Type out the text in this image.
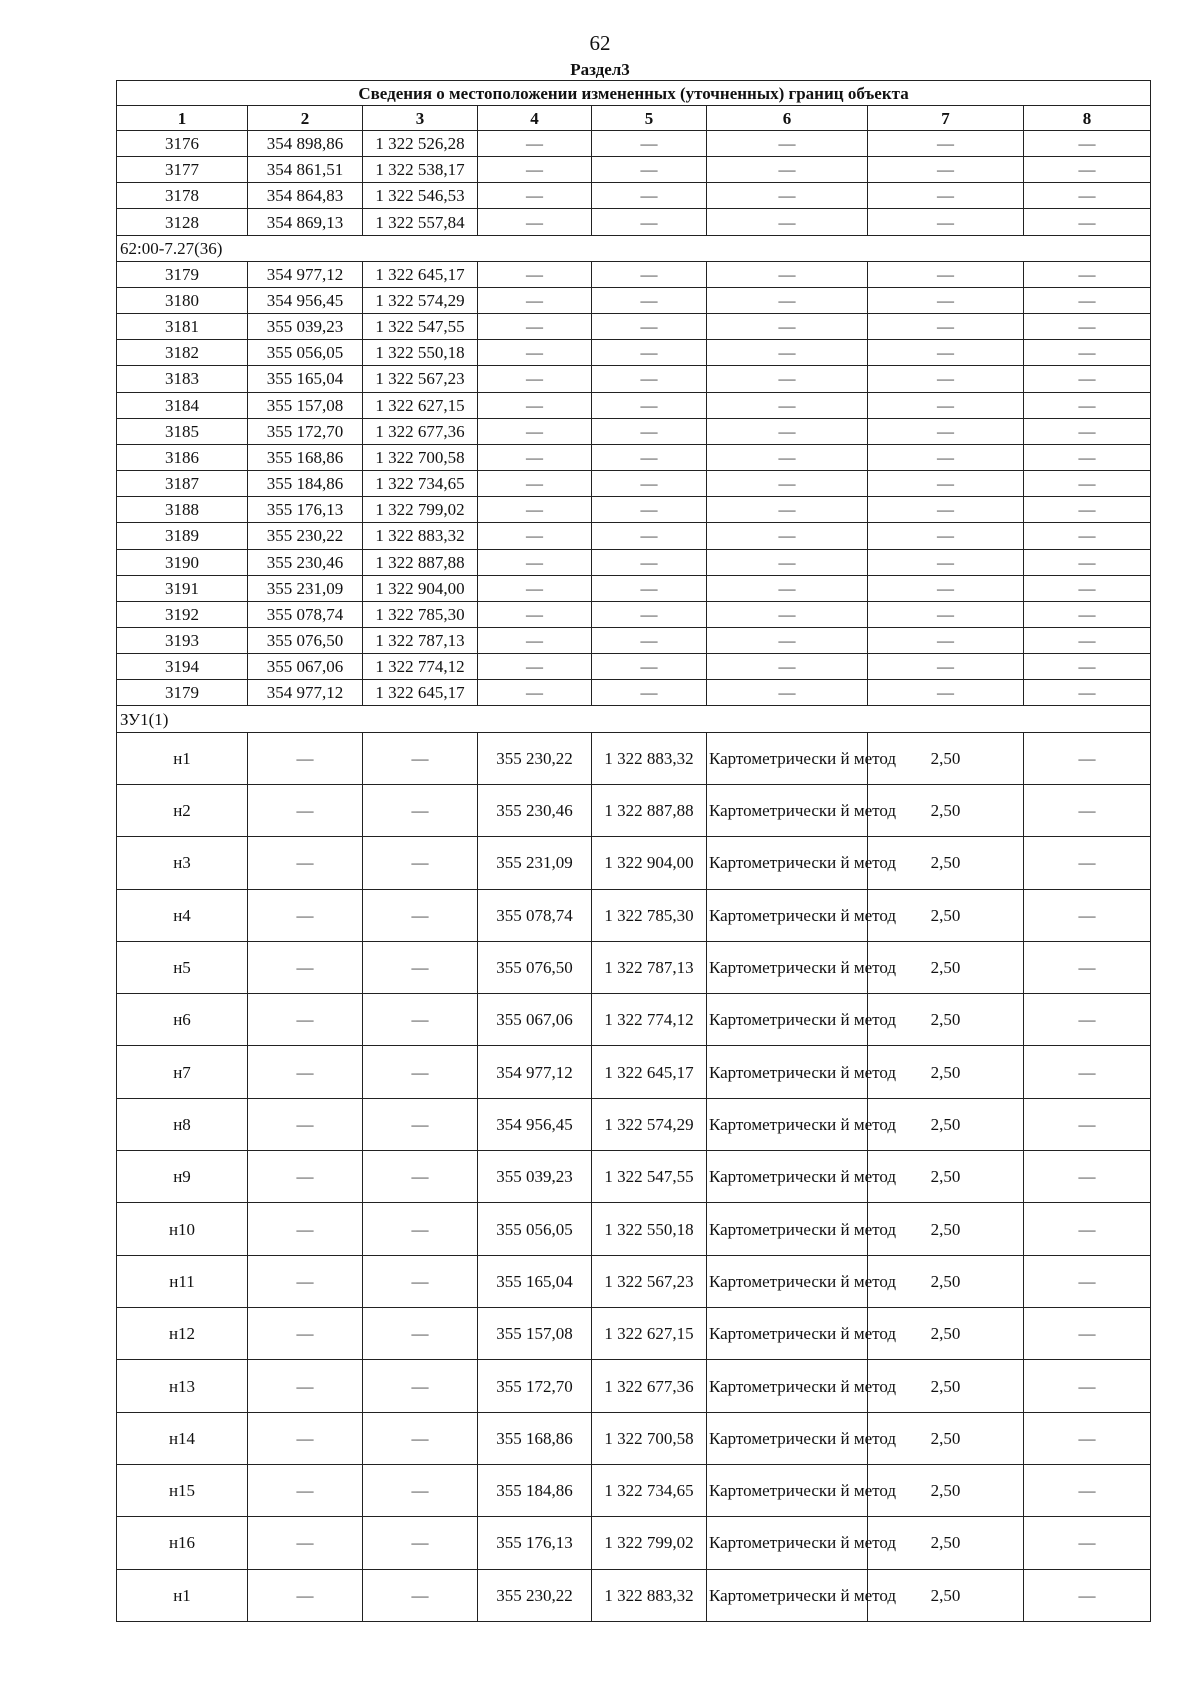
62
Раздел3
Сведения о местоположении измененных (уточненных) границ объекта							
1	2	3	4	5	6	7	8
3176	354 898,86	1 322 526,28	—	—	—	—	—
3177	354 861,51	1 322 538,17	—	—	—	—	—
3178	354 864,83	1 322 546,53	—	—	—	—	—
3128	354 869,13	1 322 557,84	—	—	—	—	—
62:00-7.27(36)							
3179	354 977,12	1 322 645,17	—	—	—	—	—
3180	354 956,45	1 322 574,29	—	—	—	—	—
3181	355 039,23	1 322 547,55	—	—	—	—	—
3182	355 056,05	1 322 550,18	—	—	—	—	—
3183	355 165,04	1 322 567,23	—	—	—	—	—
3184	355 157,08	1 322 627,15	—	—	—	—	—
3185	355 172,70	1 322 677,36	—	—	—	—	—
3186	355 168,86	1 322 700,58	—	—	—	—	—
3187	355 184,86	1 322 734,65	—	—	—	—	—
3188	355 176,13	1 322 799,02	—	—	—	—	—
3189	355 230,22	1 322 883,32	—	—	—	—	—
3190	355 230,46	1 322 887,88	—	—	—	—	—
3191	355 231,09	1 322 904,00	—	—	—	—	—
3192	355 078,74	1 322 785,30	—	—	—	—	—
3193	355 076,50	1 322 787,13	—	—	—	—	—
3194	355 067,06	1 322 774,12	—	—	—	—	—
3179	354 977,12	1 322 645,17	—	—	—	—	—
ЗУ1(1)							
н1	—	—	355 230,22	1 322 883,32	Картометрически й метод	2,50	—
н2	—	—	355 230,46	1 322 887,88	Картометрически й метод	2,50	—
н3	—	—	355 231,09	1 322 904,00	Картометрически й метод	2,50	—
н4	—	—	355 078,74	1 322 785,30	Картометрически й метод	2,50	—
н5	—	—	355 076,50	1 322 787,13	Картометрически й метод	2,50	—
н6	—	—	355 067,06	1 322 774,12	Картометрически й метод	2,50	—
н7	—	—	354 977,12	1 322 645,17	Картометрически й метод	2,50	—
н8	—	—	354 956,45	1 322 574,29	Картометрически й метод	2,50	—
н9	—	—	355 039,23	1 322 547,55	Картометрически й метод	2,50	—
н10	—	—	355 056,05	1 322 550,18	Картометрически й метод	2,50	—
н11	—	—	355 165,04	1 322 567,23	Картометрически й метод	2,50	—
н12	—	—	355 157,08	1 322 627,15	Картометрически й метод	2,50	—
н13	—	—	355 172,70	1 322 677,36	Картометрически й метод	2,50	—
н14	—	—	355 168,86	1 322 700,58	Картометрически й метод	2,50	—
н15	—	—	355 184,86	1 322 734,65	Картометрически й метод	2,50	—
н16	—	—	355 176,13	1 322 799,02	Картометрически й метод	2,50	—
н1	—	—	355 230,22	1 322 883,32	Картометрически й метод	2,50	—
